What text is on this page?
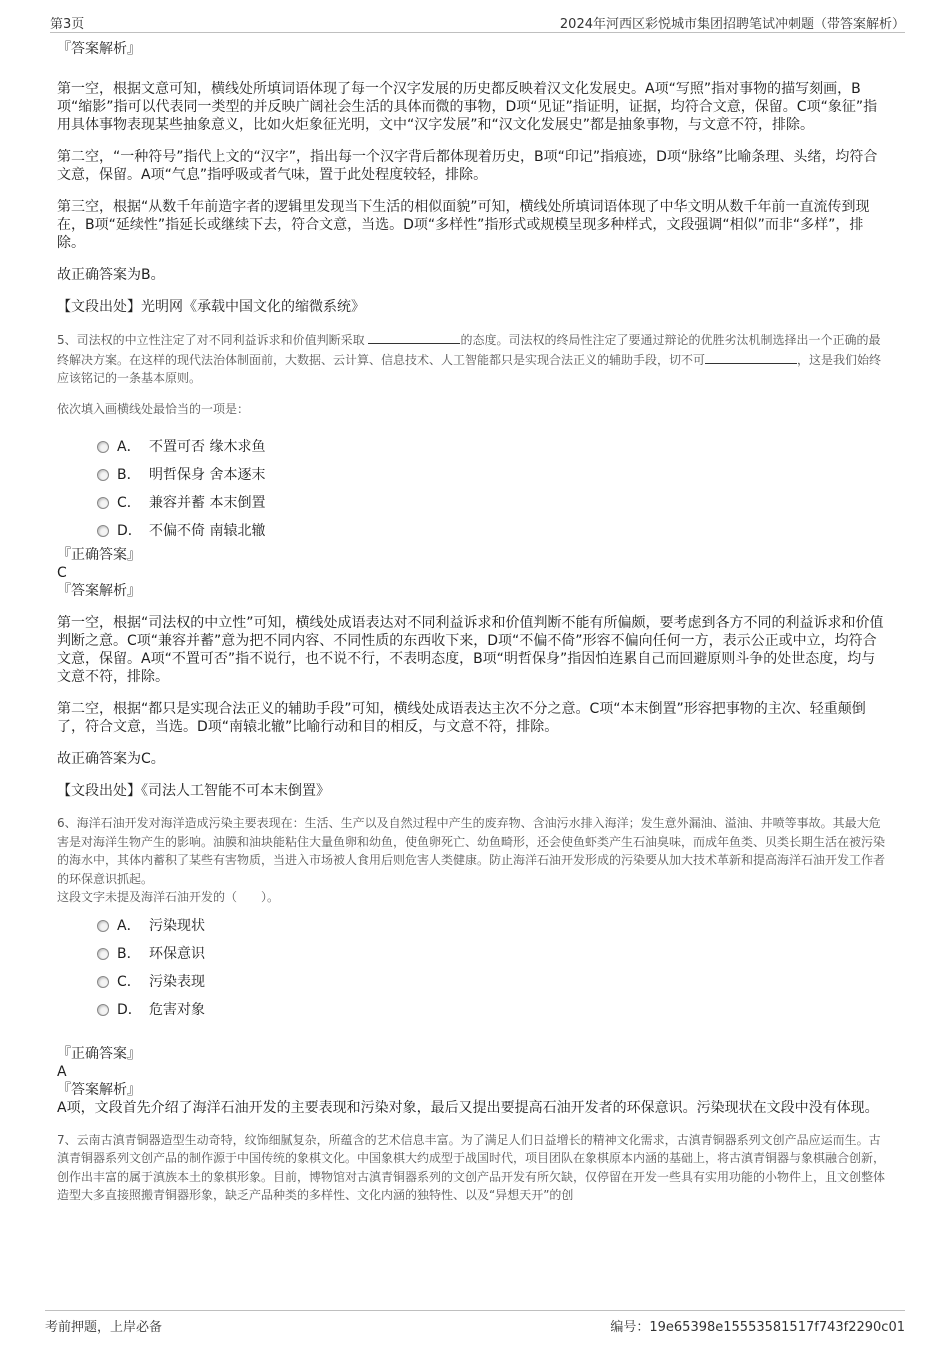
第3页	2024年河西区彩悦城市集团招聘笔试冲刺题（带答案解析）
『答案解析』

第一空，根据文意可知，横线处所填词语体现了每一个汉字发展的历史都反映着汉文化发展史。A项“写照”指对事物的描写刻画，B项“缩影”指可以代表同一类型的并反映广阔社会生活的具体而微的事物，D项“见证”指证明，证据，均符合文意，保留。C项“象征”指用具体事物表现某些抽象意义，比如火炬象征光明，文中“汉字发展”和“汉文化发展史”都是抽象事物，与文意不符，排除。

第二空，“一种符号”指代上文的“汉字”，指出每一个汉字背后都体现着历史，B项“印记”指痕迹，D项“脉络”比喻条理、头绪，均符合文意，保留。A项“气息”指呼吸或者气味，置于此处程度较轻，排除。

第三空，根据“从数千年前造字者的逻辑里发现当下生活的相似面貌”可知，横线处所填词语体现了中华文明从数千年前一直流传到现在，B项“延续性”指延长或继续下去，符合文意，当选。D项“多样性”指形式或规模呈现多种样式，文段强调“相似”而非“多样”，排除。

故正确答案为B。

【文段出处】光明网《承载中国文化的缩微系统》

5、司法权的中立性注定了对不同利益诉求和价值判断采取	的态度。司法权的终局性注定了要通过辩论的优胜劣汰机制选择出一个正确的最终解决方案。在这样的现代法治体制面前，大数据、云计算、信息技术、人工智能都只是实现合法正义的辅助手段，切不可	，这是我们始终应该铭记的一条基本原则。

依次填入画横线处最恰当的一项是：

A． 不置可否 缘木求鱼
B． 明哲保身 舍本逐末
C． 兼容并蓄 本末倒置
D． 不偏不倚 南辕北辙
『正确答案』
C
『答案解析』

第一空，根据“司法权的中立性”可知，横线处成语表达对不同利益诉求和价值判断不能有所偏颇，要考虑到各方不同的利益诉求和价值判断之意。C项“兼容并蓄”意为把不同内容、不同性质的东西收下来，D项“不偏不倚”形容不偏向任何一方，表示公正或中立，均符合文意，保留。A项“不置可否”指不说行，也不说不行，不表明态度，B项“明哲保身”指因怕连累自己而回避原则斗争的处世态度，均与文意不符，排除。

第二空，根据“都只是实现合法正义的辅助手段”可知，横线处成语表达主次不分之意。C项“本末倒置”形容把事物的主次、轻重颠倒了，符合文意，当选。D项“南辕北辙”比喻行动和目的相反，与文意不符，排除。

故正确答案为C。

【文段出处】《司法人工智能不可本末倒置》

6、海洋石油开发对海洋造成污染主要表现在：生活、生产以及自然过程中产生的废弃物、含油污水排入海洋；发生意外漏油、溢油、井喷等事故。其最大危害是对海洋生物产生的影响。油膜和油块能粘住大量鱼卵和幼鱼，使鱼卵死亡、幼鱼畸形，还会使鱼虾类产生石油臭味，而成年鱼类、贝类长期生活在被污染的海水中，其体内蓄积了某些有害物质，当进入市场被人食用后则危害人类健康。防止海洋石油开发形成的污染要从加大技术革新和提高海洋石油开发工作者的环保意识抓起。

这段文字未提及海洋石油开发的（　　）。

A． 污染现状
B． 环保意识
C． 污染表现
D． 危害对象
『正确答案』
A
『答案解析』

A项，文段首先介绍了海洋石油开发的主要表现和污染对象，最后又提出要提高石油开发者的环保意识。污染现状在文段中没有体现。

7、云南古滇青铜器造型生动奇特，纹饰细腻复杂，所蕴含的艺术信息丰富。为了满足人们日益增长的精神文化需求，古滇青铜器系列文创产品应运而生。古滇青铜器系列文创产品的制作源于中国传统的象棋文化。中国象棋大约成型于战国时代，项目团队在象棋原本内涵的基础上，将古滇青铜器与象棋融合创新，创作出丰富的属于滇族本土的象棋形象。目前，博物馆对古滇青铜器系列的文创产品开发有所欠缺，仅停留在开发一些具有实用功能的小物件上，且文创整体造型大多直接照搬青铜器形象，缺乏产品种类的多样性、文化内涵的独特性、以及“异想天开”的创

考前押题，上岸必备	编号：19e65398e15553581517f743f2290c01
